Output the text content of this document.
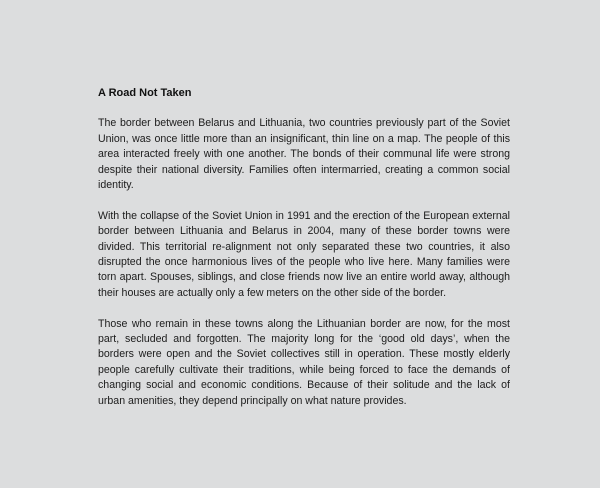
A Road Not Taken

The border between Belarus and Lithuania, two countries previously part of the Soviet Union, was once little more than an insignificant, thin line on a map. The people of this area interacted freely with one another. The bonds of their communal life were strong despite their national diversity. Families often intermarried, creating a common social identity.

With the collapse of the Soviet Union in 1991 and the erection of the European external border between Lithuania and Belarus in 2004, many of these border towns were divided. This territorial re-alignment not only separated these two countries, it also disrupted the once harmonious lives of the people who live here. Many families were torn apart. Spouses, siblings, and close friends now live an entire world away, although their houses are actually only a few meters on the other side of the border.

Those who remain in these towns along the Lithuanian border are now, for the most part, secluded and forgotten. The majority long for the ‘good old days’, when the borders were open and the Soviet collectives still in operation. These mostly elderly people carefully cultivate their traditions, while being forced to face the demands of changing social and economic conditions. Because of their solitude and the lack of urban amenities, they depend principally on what nature provides.
